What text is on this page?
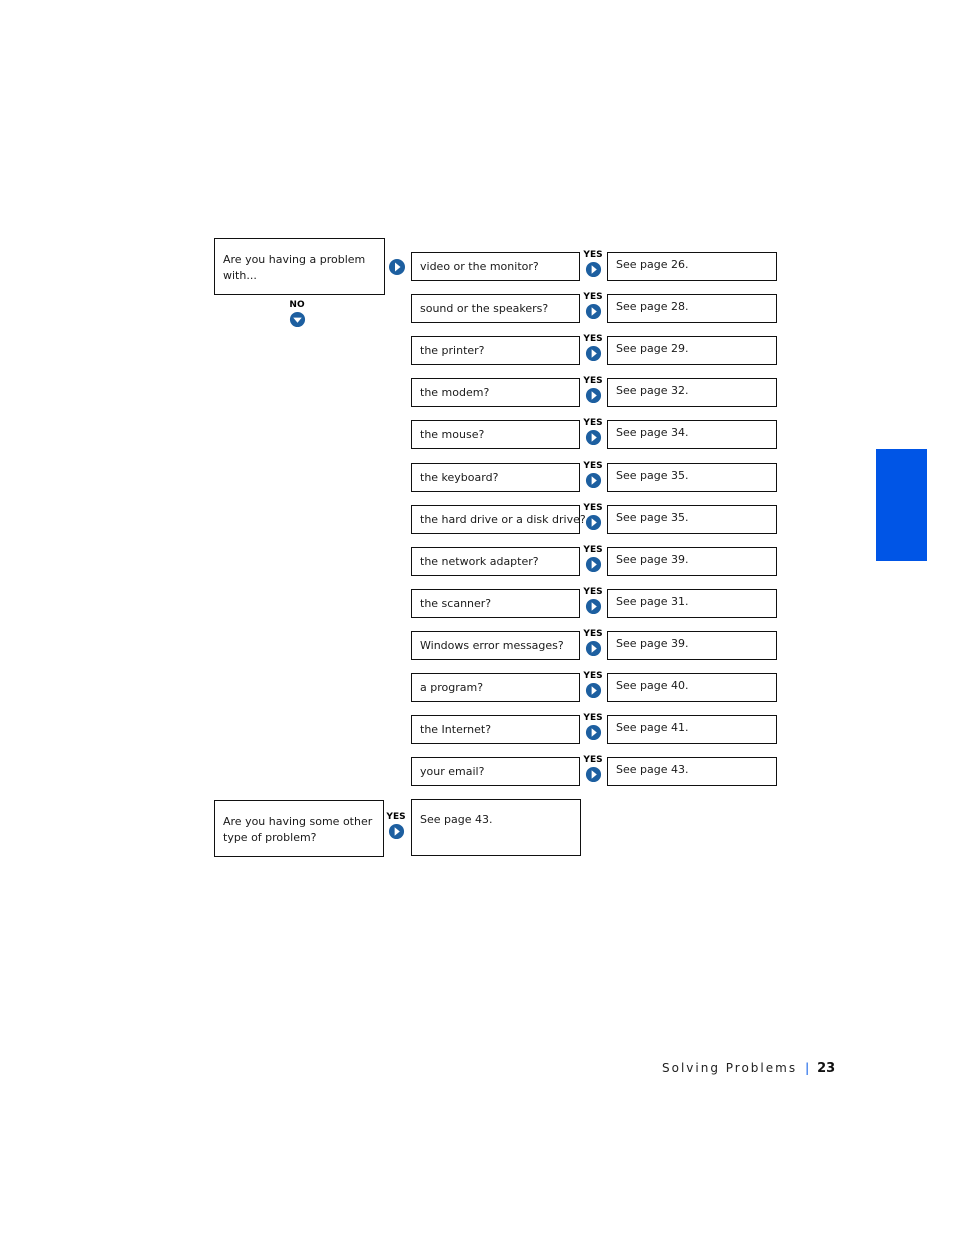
Are you having a problem with...
NO
video or the monitor?
YES
See page 26.
sound or the speakers?
YES
See page 28.
the printer?
YES
See page 29.
the modem?
YES
See page 32.
the mouse?
YES
See page 34.
the keyboard?
YES
See page 35.
the hard drive or a disk drive?
YES
See page 35.
the network adapter?
YES
See page 39.
the scanner?
YES
See page 31.
Windows error messages?
YES
See page 39.
a program?
YES
See page 40.
the Internet?
YES
See page 41.
your email?
YES
See page 43.
Are you having some other type of problem?
YES See page 43.
Solving Problems | 23
